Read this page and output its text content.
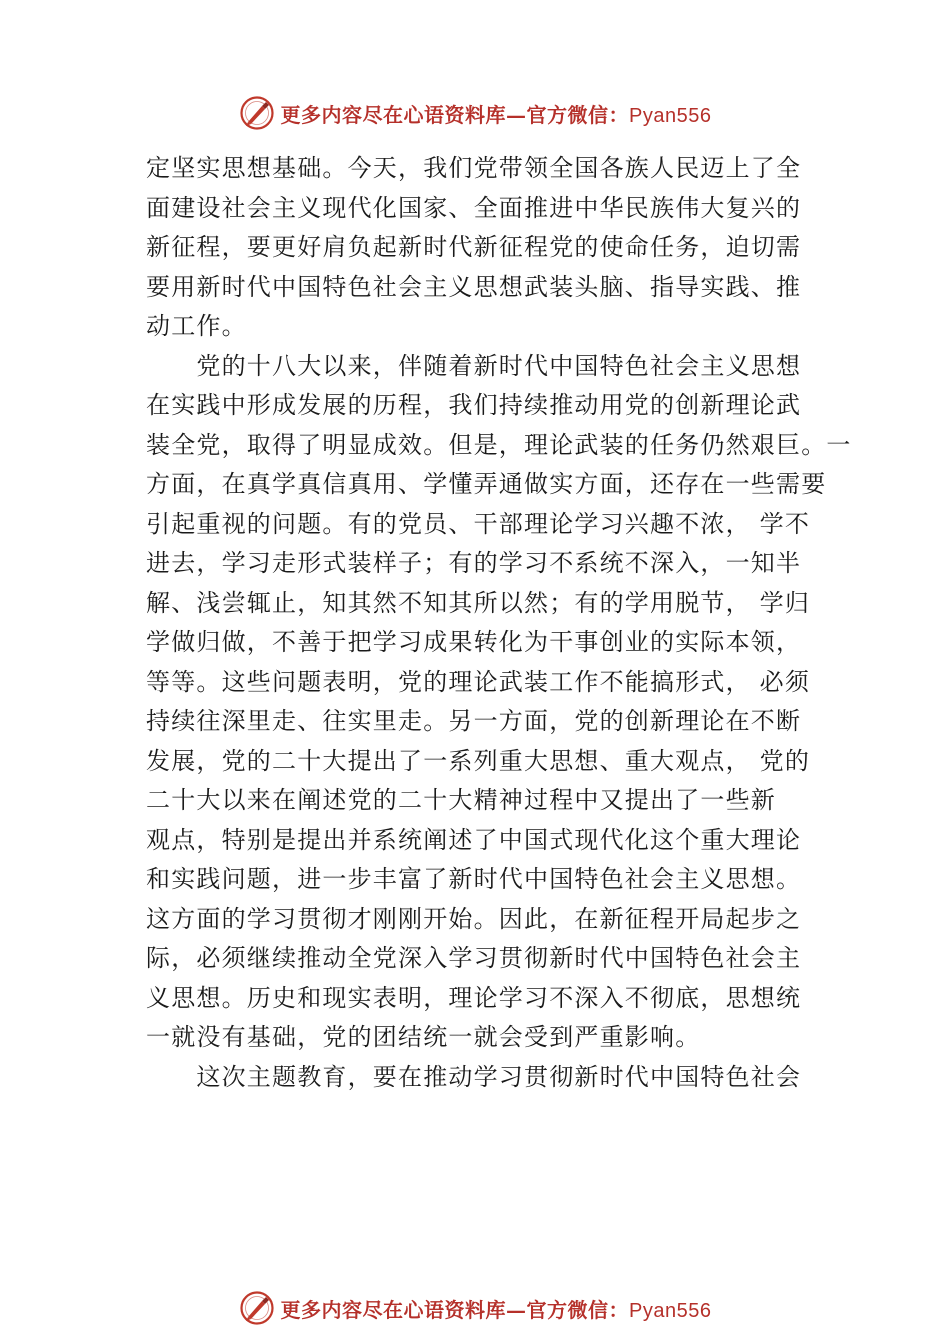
更多内容尽在心语资料库—官方微信：Pyan556
定坚实思想基础。今天，我们党带领全国各族人民迈上了全
面建设社会主义现代化国家、全面推进中华民族伟大复兴的
新征程，要更好肩负起新时代新征程党的使命任务，迫切需
要用新时代中国特色社会主义思想武装头脑、指导实践、推
动工作。
　　党的十八大以来，伴随着新时代中国特色社会主义思想
在实践中形成发展的历程，我们持续推动用党的创新理论武
装全党，取得了明显成效。但是，理论武装的任务仍然艰巨。一
方面，在真学真信真用、学懂弄通做实方面，还存在一些需要
引起重视的问题。有的党员、干部理论学习兴趣不浓， 学不
进去，学习走形式装样子；有的学习不系统不深入，一知半
解、浅尝辄止，知其然不知其所以然；有的学用脱节， 学归
学做归做，不善于把学习成果转化为干事创业的实际本领，
等等。这些问题表明，党的理论武装工作不能搞形式， 必须
持续往深里走、往实里走。另一方面，党的创新理论在不断
发展，党的二十大提出了一系列重大思想、重大观点， 党的
二十大以来在阐述党的二十大精神过程中又提出了一些新
观点，特别是提出并系统阐述了中国式现代化这个重大理论
和实践问题，进一步丰富了新时代中国特色社会主义思想。
这方面的学习贯彻才刚刚开始。因此，在新征程开局起步之
际，必须继续推动全党深入学习贯彻新时代中国特色社会主
义思想。历史和现实表明，理论学习不深入不彻底，思想统
一就没有基础，党的团结统一就会受到严重影响。
　　这次主题教育，要在推动学习贯彻新时代中国特色社会
更多内容尽在心语资料库—官方微信：Pyan556
